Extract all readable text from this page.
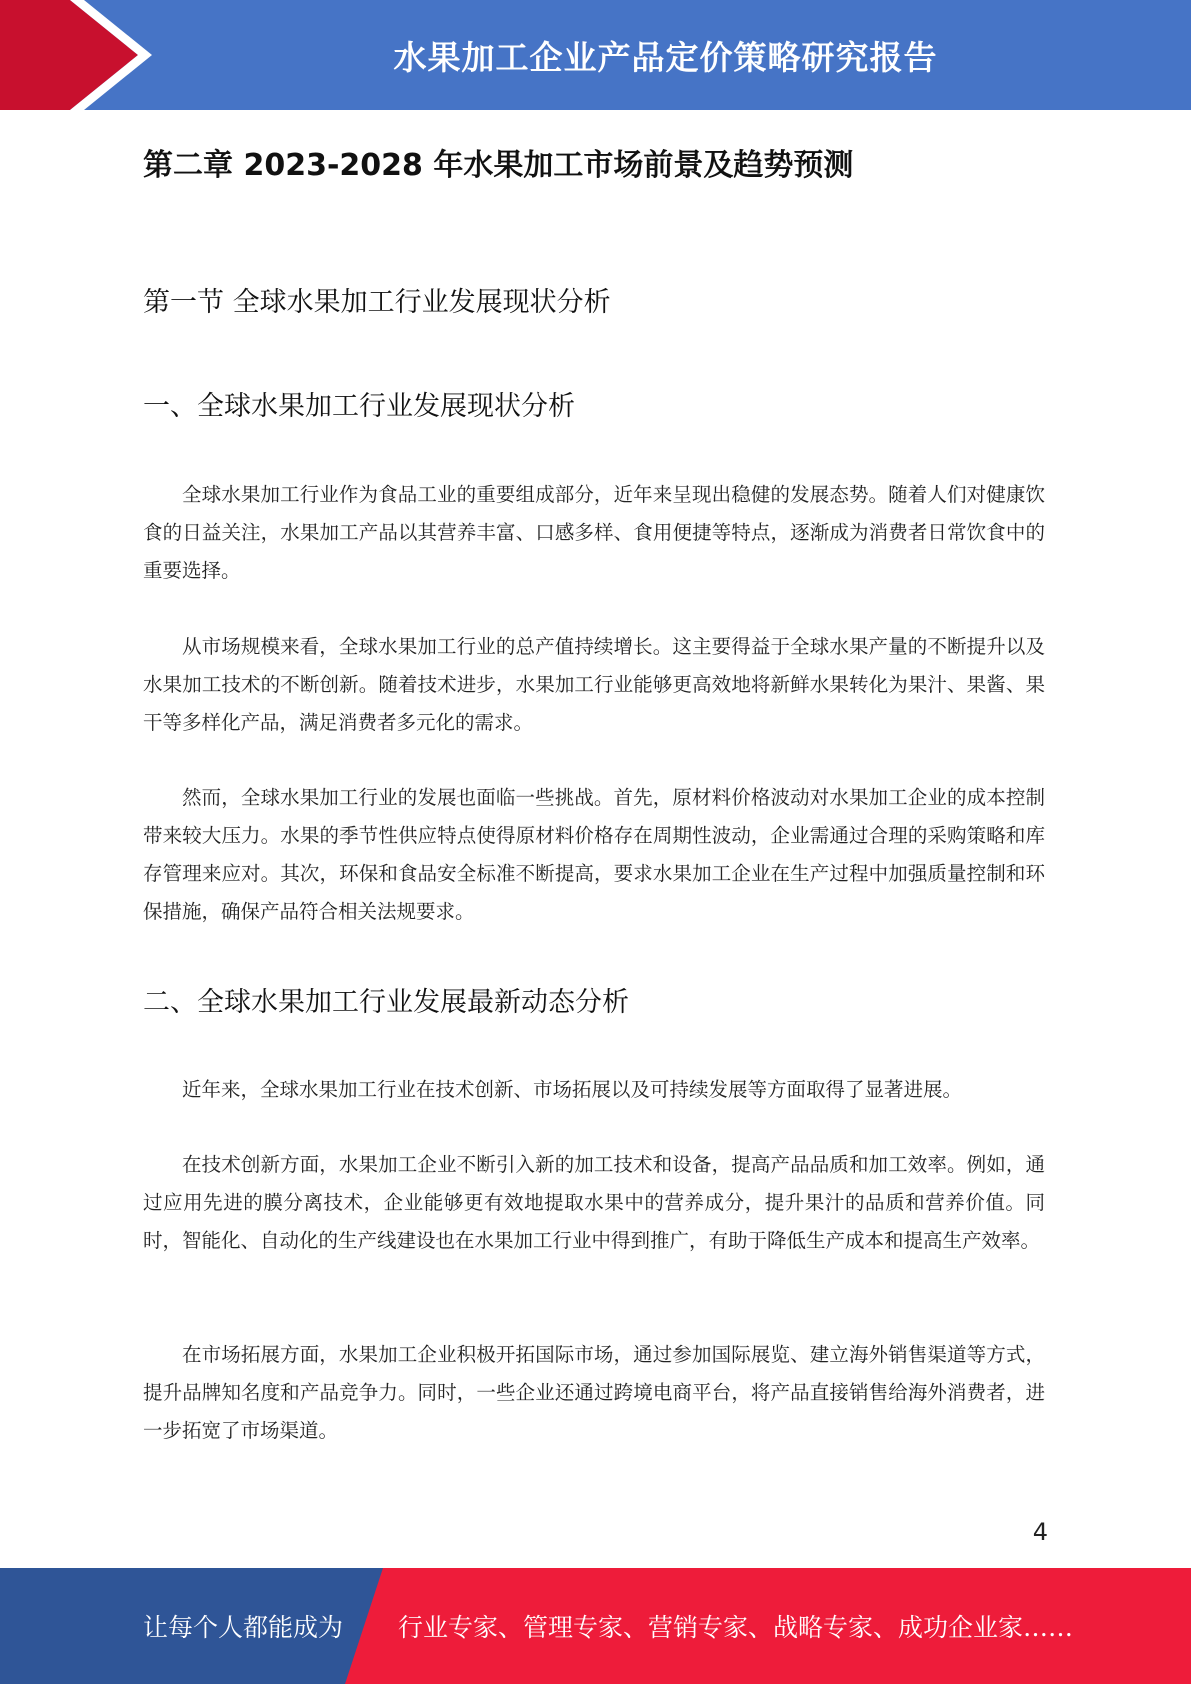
水果加工企业产品定价策略研究报告
第二章 2023-2028 年水果加工市场前景及趋势预测
第一节 全球水果加工行业发展现状分析
一、全球水果加工行业发展现状分析

全球水果加工行业作为食品工业的重要组成部分，近年来呈现出稳健的发展态势。随着人们对健康饮食的日益关注，水果加工产品以其营养丰富、口感多样、食用便捷等特点，逐渐成为消费者日常饮食中的重要选择。

从市场规模来看，全球水果加工行业的总产值持续增长。这主要得益于全球水果产量的不断提升以及水果加工技术的不断创新。随着技术进步，水果加工行业能够更高效地将新鲜水果转化为果汁、果酱、果干等多样化产品，满足消费者多元化的需求。

然而，全球水果加工行业的发展也面临一些挑战。首先，原材料价格波动对水果加工企业的成本控制带来较大压力。水果的季节性供应特点使得原材料价格存在周期性波动，企业需通过合理的采购策略和库存管理来应对。其次，环保和食品安全标准不断提高，要求水果加工企业在生产过程中加强质量控制和环保措施，确保产品符合相关法规要求。

二、全球水果加工行业发展最新动态分析

近年来，全球水果加工行业在技术创新、市场拓展以及可持续发展等方面取得了显著进展。

在技术创新方面，水果加工企业不断引入新的加工技术和设备，提高产品品质和加工效率。例如，通过应用先进的膜分离技术，企业能够更有效地提取水果中的营养成分，提升果汁的品质和营养价值。同时，智能化、自动化的生产线建设也在水果加工行业中得到推广，有助于降低生产成本和提高生产效率。

在市场拓展方面，水果加工企业积极开拓国际市场，通过参加国际展览、建立海外销售渠道等方式，提升品牌知名度和产品竞争力。同时，一些企业还通过跨境电商平台，将产品直接销售给海外消费者，进一步拓宽了市场渠道。

4
让每个人都能成为 行业专家、管理专家、营销专家、战略专家、成功企业家……
